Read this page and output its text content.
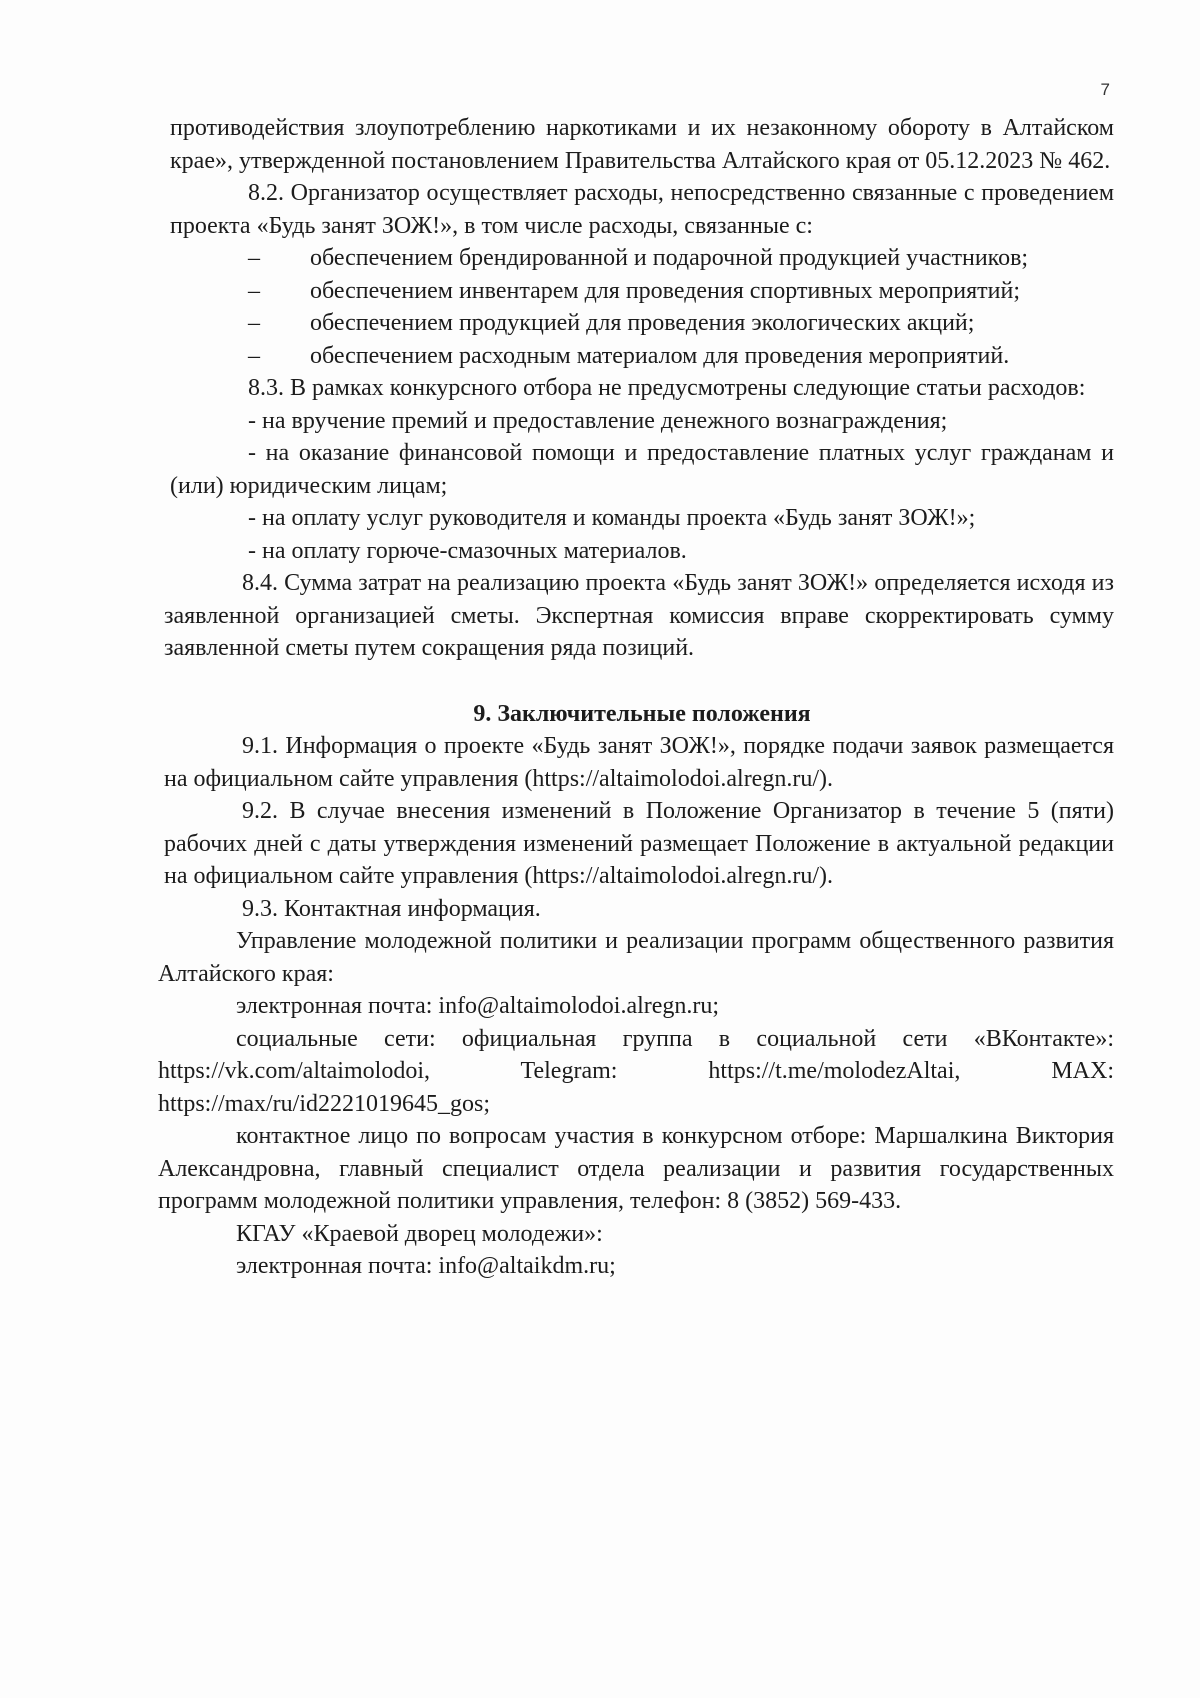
7

противодействия злоупотреблению наркотиками и их незаконному обороту в Алтайском крае», утвержденной постановлением Правительства Алтайского края от 05.12.2023 № 462.

8.2. Организатор осуществляет расходы, непосредственно связанные с проведением проекта «Будь занят ЗОЖ!», в том числе расходы, связанные с:

– обеспечением брендированной и подарочной продукцией участников;

– обеспечением инвентарем для проведения спортивных мероприятий;

– обеспечением продукцией для проведения экологических акций;

– обеспечением расходным материалом для проведения мероприятий.

8.3. В рамках конкурсного отбора не предусмотрены следующие статьи расходов:

- на вручение премий и предоставление денежного вознаграждения;

- на оказание финансовой помощи и предоставление платных услуг гражданам и (или) юридическим лицам;

- на оплату услуг руководителя и команды проекта «Будь занят ЗОЖ!»;

- на оплату горюче-смазочных материалов.

8.4. Сумма затрат на реализацию проекта «Будь занят ЗОЖ!» определяется исходя из заявленной организацией сметы. Экспертная комиссия вправе скорректировать сумму заявленной сметы путем сокращения ряда позиций.

9. Заключительные положения

9.1. Информация о проекте «Будь занят ЗОЖ!», порядке подачи заявок размещается на официальном сайте управления (https://altaimolodoi.alregn.ru/).

9.2. В случае внесения изменений в Положение Организатор в течение 5 (пяти) рабочих дней с даты утверждения изменений размещает Положение в актуальной редакции на официальном сайте управления (https://altaimolodoi.alregn.ru/).

9.3. Контактная информация.

Управление молодежной политики и реализации программ общественного развития Алтайского края:

электронная почта: info@altaimolodoi.alregn.ru;

социальные сети: официальная группа в социальной сети «ВКонтакте»: https://vk.com/altaimolodoi, Telegram: https://t.me/molodezAltai, MAX: https://max/ru/id2221019645_gos;

контактное лицо по вопросам участия в конкурсном отборе: Маршалкина Виктория Александровна, главный специалист отдела реализации и развития государственных программ молодежной политики управления, телефон: 8 (3852) 569-433.

КГАУ «Краевой дворец молодежи»:

электронная почта: info@altaikdm.ru;
